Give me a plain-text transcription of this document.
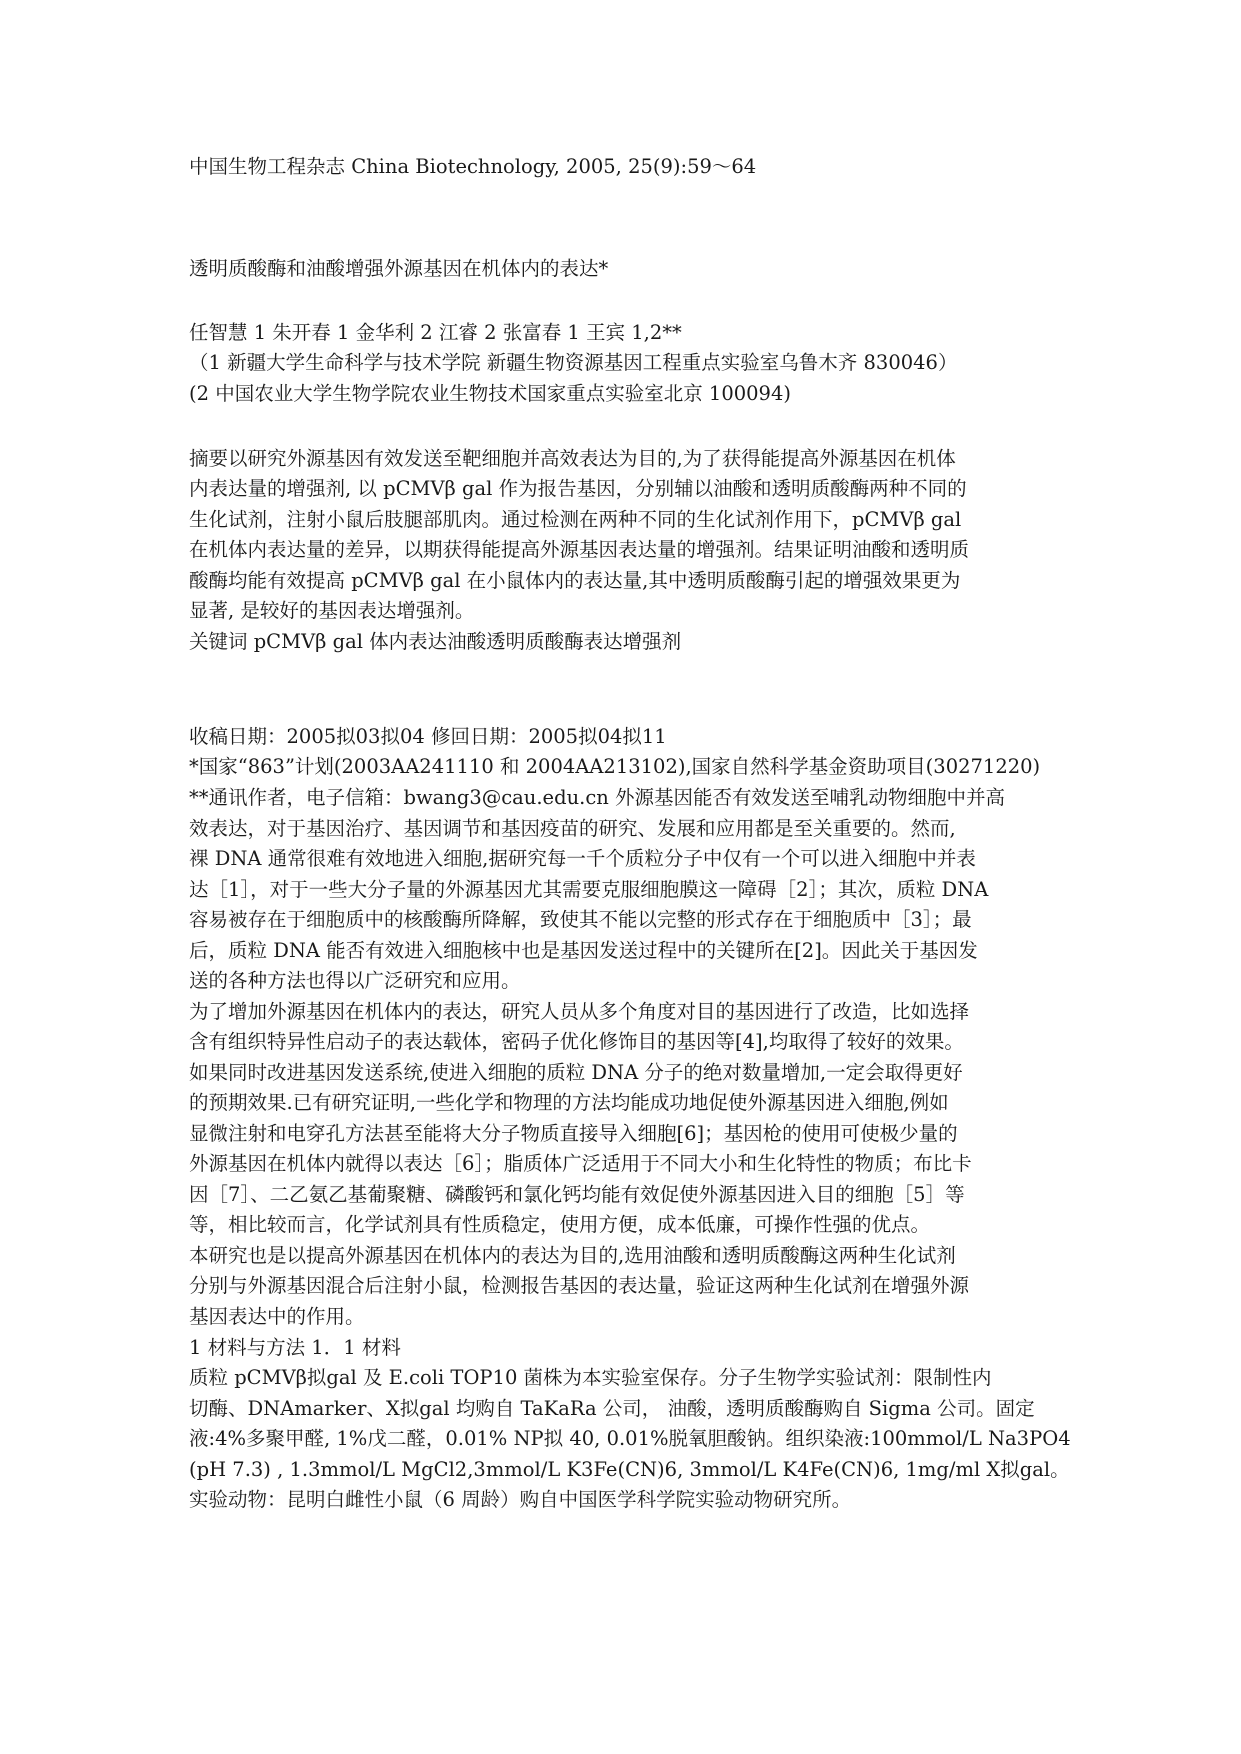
中国生物工程杂志 China Biotechnology, 2005, 25(9):59～64
透明质酸酶和油酸增强外源基因在机体内的表达*
任智慧 1 朱开春 1 金华利 2 江睿 2 张富春 1 王宾 1,2**
（1 新疆大学生命科学与技术学院 新疆生物资源基因工程重点实验室乌鲁木齐 830046）
(2 中国农业大学生物学院农业生物技术国家重点实验室北京 100094)
摘要以研究外源基因有效发送至靶细胞并高效表达为目的,为了获得能提高外源基因在机体
内表达量的增强剂, 以 pCMVβ gal 作为报告基因，分别辅以油酸和透明质酸酶两种不同的
生化试剂，注射小鼠后肢腿部肌肉。通过检测在两种不同的生化试剂作用下，pCMVβ gal
在机体内表达量的差异，以期获得能提高外源基因表达量的增强剂。结果证明油酸和透明质
酸酶均能有效提高 pCMVβ gal 在小鼠体内的表达量,其中透明质酸酶引起的增强效果更为
显著, 是较好的基因表达增强剂。
关键词 pCMVβ gal 体内表达油酸透明质酸酶表达增强剂
收稿日期：2005拟03拟04 修回日期：2005拟04拟11
*国家“863”计划(2003AA241110 和 2004AA213102),国家自然科学基金资助项目(30271220)
**通讯作者，电子信箱：bwang3@cau.edu.cn 外源基因能否有效发送至哺乳动物细胞中并高
效表达，对于基因治疗、基因调节和基因疫苗的研究、发展和应用都是至关重要的。然而,
裸 DNA 通常很难有效地进入细胞,据研究每一千个质粒分子中仅有一个可以进入细胞中并表
达［1］，对于一些大分子量的外源基因尤其需要克服细胞膜这一障碍［2］；其次，质粒 DNA
容易被存在于细胞质中的核酸酶所降解，致使其不能以完整的形式存在于细胞质中［3］；最
后，质粒 DNA 能否有效进入细胞核中也是基因发送过程中的关键所在[2]。因此关于基因发
送的各种方法也得以广泛研究和应用。
为了增加外源基因在机体内的表达，研究人员从多个角度对目的基因进行了改造，比如选择
含有组织特异性启动子的表达载体，密码子优化修饰目的基因等[4],均取得了较好的效果。
如果同时改进基因发送系统,使进入细胞的质粒 DNA 分子的绝对数量增加,一定会取得更好
的预期效果.已有研究证明,一些化学和物理的方法均能成功地促使外源基因进入细胞,例如
显微注射和电穿孔方法甚至能将大分子物质直接导入细胞[6]；基因枪的使用可使极少量的
外源基因在机体内就得以表达［6］；脂质体广泛适用于不同大小和生化特性的物质；布比卡
因［7］、二乙氨乙基葡聚糖、磷酸钙和氯化钙均能有效促使外源基因进入目的细胞［5］等
等，相比较而言，化学试剂具有性质稳定，使用方便，成本低廉，可操作性强的优点。
本研究也是以提高外源基因在机体内的表达为目的,选用油酸和透明质酸酶这两种生化试剂
分别与外源基因混合后注射小鼠，检测报告基因的表达量，验证这两种生化试剂在增强外源
基因表达中的作用。
1 材料与方法 1．1 材料
质粒 pCMVβ拟gal 及 E.coli TOP10 菌株为本实验室保存。分子生物学实验试剂：限制性内
切酶、DNAmarker、X拟gal 均购自 TaKaRa 公司， 油酸，透明质酸酶购自 Sigma 公司。固定
液:4%多聚甲醛, 1%戊二醛，0.01% NP拟 40, 0.01%脱氧胆酸钠。组织染液:100mmol/L Na3PO4
(pH 7.3) , 1.3mmol/L MgCl2,3mmol/L K3Fe(CN)6, 3mmol/L K4Fe(CN)6, 1mg/ml X拟gal。
实验动物：昆明白雌性小鼠（6 周龄）购自中国医学科学院实验动物研究所。
